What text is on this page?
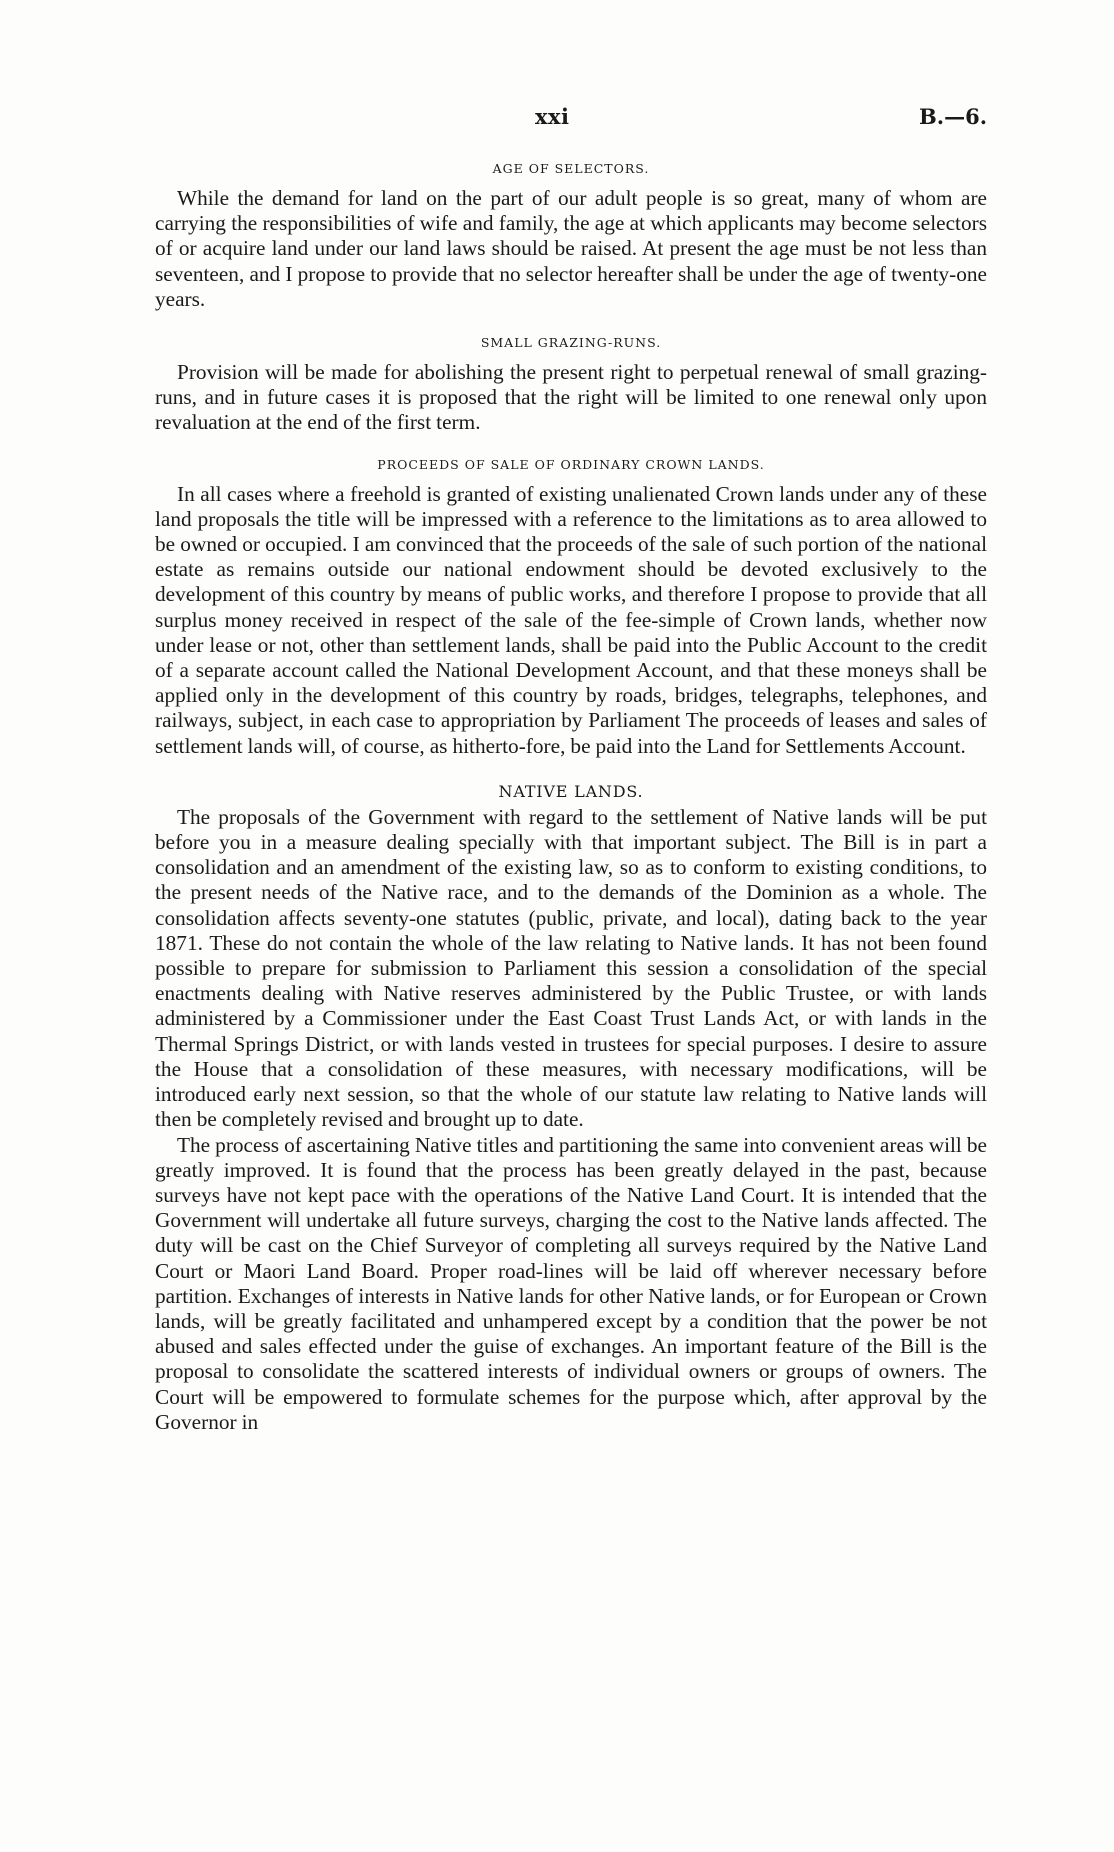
xxi	B.—6.
AGE OF SELECTORS.

While the demand for land on the part of our adult people is so great, many of whom are carrying the responsibilities of wife and family, the age at which applicants may become selectors of or acquire land under our land laws should be raised. At present the age must be not less than seventeen, and I propose to provide that no selector hereafter shall be under the age of twenty-one years.

SMALL GRAZING-RUNS.

Provision will be made for abolishing the present right to perpetual renewal of small grazing-runs, and in future cases it is proposed that the right will be limited to one renewal only upon revaluation at the end of the first term.

PROCEEDS OF SALE OF ORDINARY CROWN LANDS.

In all cases where a freehold is granted of existing unalienated Crown lands under any of these land proposals the title will be impressed with a reference to the limitations as to area allowed to be owned or occupied. I am convinced that the proceeds of the sale of such portion of the national estate as remains outside our national endowment should be devoted exclusively to the development of this country by means of public works, and therefore I propose to provide that all surplus money received in respect of the sale of the fee-simple of Crown lands, whether now under lease or not, other than settlement lands, shall be paid into the Public Account to the credit of a separate account called the National Development Account, and that these moneys shall be applied only in the development of this country by roads, bridges, telegraphs, telephones, and railways, subject, in each case to appropriation by Parliament The proceeds of leases and sales of settlement lands will, of course, as hitherto-fore, be paid into the Land for Settlements Account.

NATIVE LANDS.

The proposals of the Government with regard to the settlement of Native lands will be put before you in a measure dealing specially with that important subject. The Bill is in part a consolidation and an amendment of the existing law, so as to conform to existing conditions, to the present needs of the Native race, and to the demands of the Dominion as a whole. The consolidation affects seventy-one statutes (public, private, and local), dating back to the year 1871. These do not contain the whole of the law relating to Native lands. It has not been found possible to prepare for submission to Parliament this session a consolidation of the special enactments dealing with Native reserves administered by the Public Trustee, or with lands administered by a Commissioner under the East Coast Trust Lands Act, or with lands in the Thermal Springs District, or with lands vested in trustees for special purposes. I desire to assure the House that a consolidation of these measures, with necessary modifications, will be introduced early next session, so that the whole of our statute law relating to Native lands will then be completely revised and brought up to date.

The process of ascertaining Native titles and partitioning the same into convenient areas will be greatly improved. It is found that the process has been greatly delayed in the past, because surveys have not kept pace with the operations of the Native Land Court. It is intended that the Government will undertake all future surveys, charging the cost to the Native lands affected. The duty will be cast on the Chief Surveyor of completing all surveys required by the Native Land Court or Maori Land Board. Proper road-lines will be laid off wherever necessary before partition. Exchanges of interests in Native lands for other Native lands, or for European or Crown lands, will be greatly facilitated and unhampered except by a condition that the power be not abused and sales effected under the guise of exchanges. An important feature of the Bill is the proposal to consolidate the scattered interests of individual owners or groups of owners. The Court will be empowered to formulate schemes for the purpose which, after approval by the Governor in
